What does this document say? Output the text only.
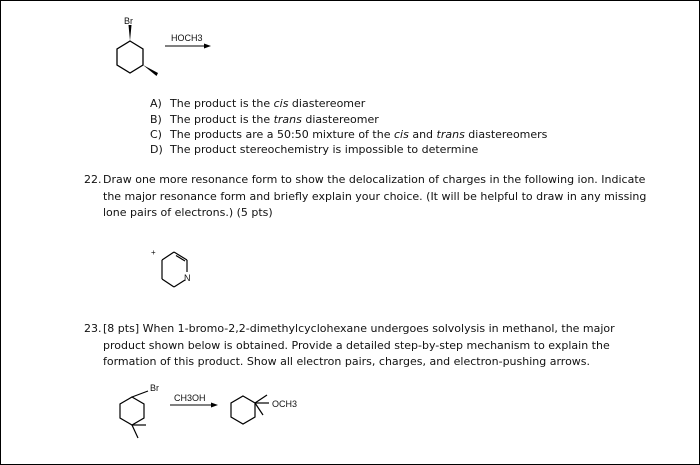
Br
HOCH3
A) The product is the cis diastereomer
B) The product is the trans diastereomer
C) The products are a 50:50 mixture of the cis and trans diastereomers
D) The product stereochemistry is impossible to determine
22. Draw one more resonance form to show the delocalization of charges in the following ion. Indicate
the major resonance form and briefly explain your choice. (It will be helpful to draw in any missing
lone pairs of electrons.) (5 pts)
+
N
23. [8 pts] When 1-bromo-2,2-dimethylcyclohexane undergoes solvolysis in methanol, the major
product shown below is obtained. Provide a detailed step-by-step mechanism to explain the
formation of this product. Show all electron pairs, charges, and electron-pushing arrows.
Br
CH3OH
OCH3
